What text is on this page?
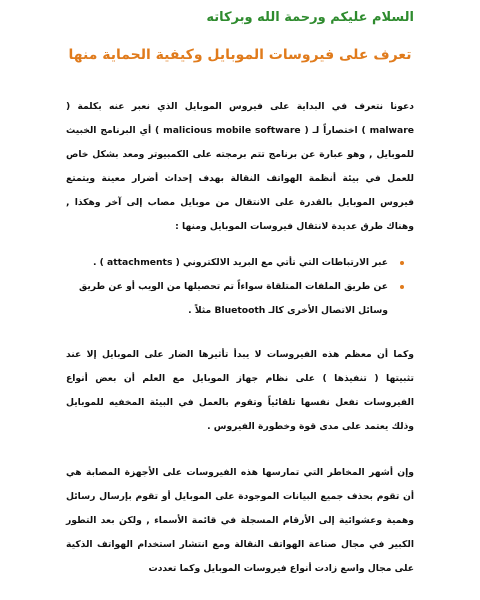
السلام عليكم ورحمة الله وبركاته
تعرف على فيروسات الموبايل وكيفية الحماية منها

دعونا نتعرف في البداية على فيروس الموبايل الذي نعبر عنه بكلمة ( malware ) اختصاراً لـ ( malicious mobile software ) أي البرنامج الخبيث للموبايل , وهو عبارة عن برنامج تتم برمجته على الكمبيوتر ومعد بشكل خاص للعمل في بيئة أنظمة الهواتف النقالة بهدف إحداث أضرار معينة ويتمتع فيروس الموبايل بالقدرة على الانتقال من موبايل مصاب إلى آخر وهكذا , وهناك طرق عديدة لانتقال فيروسات الموبايل ومنها :

عبر الارتباطات التي تأتي مع البريد الالكتروني ( attachments ) .
عن طريق الملفات المتلقاة سواءاً تم تحصيلها من الويب أو عن طريق وسائل الاتصال الأخرى كالـ Bluetooth مثلاً .

وكما أن معظم هذه الفيروسات لا يبدأ تأثيرها الضار على الموبايل إلا عند تثبيتها ( تنفيذها ) على نظام جهاز الموبايل مع العلم أن بعض أنواع الفيروسات تفعل نفسها تلقائياً وتقوم بالعمل في البيئة المخفيه للموبايل وذلك يعتمد على مدى قوة وخطورة الفيروس .

وإن أشهر المخاطر التي تمارسها هذه الفيروسات على الأجهزة المصابة هي أن تقوم بحذف جميع البيانات الموجودة على الموبايل أو تقوم بإرسال رسائل وهمية وعشوائية إلى الأرقام المسجلة في قائمة الأسماء , ولكن بعد التطور الكبير في مجال صناعة الهواتف النقالة ومع انتشار استخدام الهواتف الذكية على مجال واسع زادت أنواع فيروسات الموبايل وكما تعددت
